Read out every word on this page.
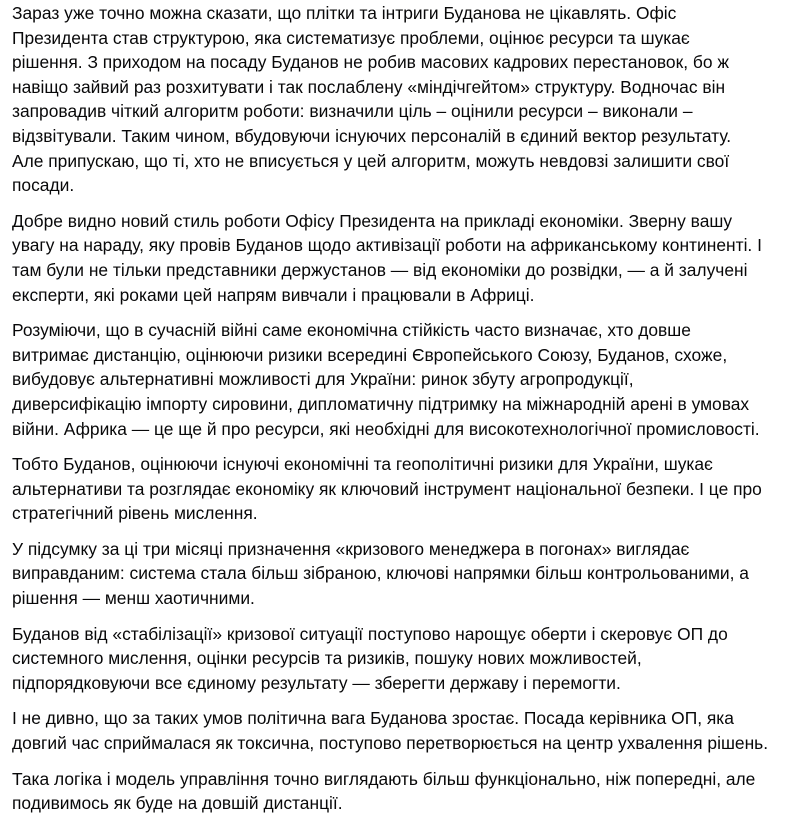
Зараз уже точно можна сказати, що плітки та інтриги Буданова не цікавлять. Офіс
Президента став структурою, яка систематизує проблеми, оцінює ресурси та шукає
рішення. З приходом на посаду Буданов не робив масових кадрових перестановок, бо ж
навіщо зайвий раз розхитувати і так послаблену «міндічгейтом» структуру. Водночас він
запровадив чіткий алгоритм роботи: визначили ціль – оцінили ресурси – виконали –
відзвітували. Таким чином, вбудовуючи існуючих персоналій в єдиний вектор результату.
Але припускаю, що ті, хто не вписується у цей алгоритм, можуть невдовзі залишити свої
посади.

Добре видно новий стиль роботи Офісу Президента на прикладі економіки. Зверну вашу
увагу на нараду, яку провів Буданов щодо активізації роботи на африканському континенті. І
там були не тільки представники держустанов — від економіки до розвідки, — а й залучені
експерти, які роками цей напрям вивчали і працювали в Африці.

Розуміючи, що в сучасній війні саме економічна стійкість часто визначає, хто довше
витримає дистанцію, оцінюючи ризики всередині Європейського Союзу, Буданов, схоже,
вибудовує альтернативні можливості для України: ринок збуту агропродукції,
диверсифікацію імпорту сировини, дипломатичну підтримку на міжнародній арені в умовах
війни. Африка — це ще й про ресурси, які необхідні для високотехнологічної промисловості.

Тобто Буданов, оцінюючи існуючі економічні та геополітичні ризики для України, шукає
альтернативи та розглядає економіку як ключовий інструмент національної безпеки. І це про
стратегічний рівень мислення.

У підсумку за ці три місяці призначення «кризового менеджера в погонах» виглядає
виправданим: система стала більш зібраною, ключові напрямки більш контрольованими, а
рішення — менш хаотичними.

Буданов від «стабілізації» кризової ситуації поступово нарощує оберти і скеровує ОП до
системного мислення, оцінки ресурсів та ризиків, пошуку нових можливостей,
підпорядковуючи все єдиному результату — зберегти державу і перемогти.

І не дивно, що за таких умов політична вага Буданова зростає. Посада керівника ОП, яка
довгий час сприймалася як токсична, поступово перетворюється на центр ухвалення рішень.

Така логіка і модель управління точно виглядають більш функціонально, ніж попередні, але
подивимось як буде на довшій дистанції.
